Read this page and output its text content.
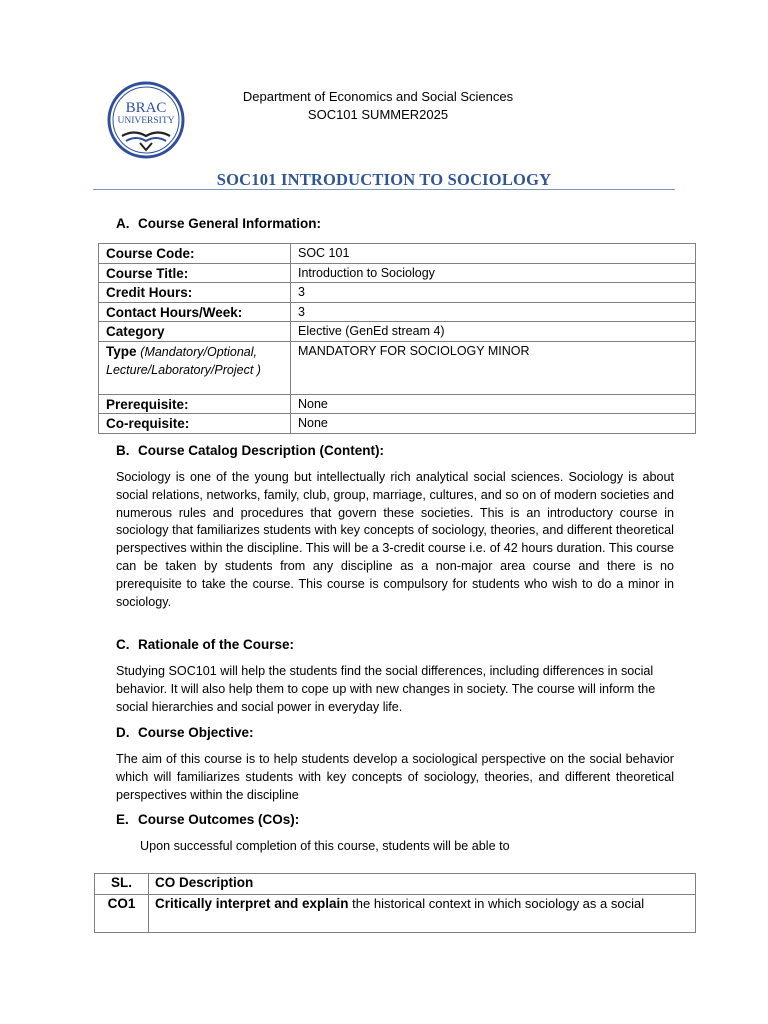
BRAC
UNIVERSITY
Department of Economics and Social Sciences
SOC101 SUMMER2025
SOC101 INTRODUCTION TO SOCIOLOGY
A. Course General Information:
Course Code:	SOC 101
Course Title:	Introduction to Sociology
Credit Hours:	3
Contact Hours/Week:	3
Category	Elective (GenEd stream 4)
Type (Mandatory/Optional, Lecture/Laboratory/Project )	MANDATORY FOR SOCIOLOGY MINOR
Prerequisite:	None
Co-requisite:	None
B. Course Catalog Description (Content):
Sociology is one of the young but intellectually rich analytical social sciences. Sociology is about social relations, networks, family, club, group, marriage, cultures, and so on of modern societies and numerous rules and procedures that govern these societies. This is an introductory course in sociology that familiarizes students with key concepts of sociology, theories, and different theoretical perspectives within the discipline. This will be a 3-credit course i.e. of 42 hours duration. This course can be taken by students from any discipline as a non-major area course and there is no prerequisite to take the course. This course is compulsory for students who wish to do a minor in sociology.
C. Rationale of the Course:
Studying SOC101 will help the students find the social differences, including differences in social behavior. It will also help them to cope up with new changes in society. The course will inform the social hierarchies and social power in everyday life.
D. Course Objective:
The aim of this course is to help students develop a sociological perspective on the social behavior which will familiarizes students with key concepts of sociology, theories, and different theoretical perspectives within the discipline
E. Course Outcomes (COs):
Upon successful completion of this course, students will be able to
SL.	CO Description
CO1	Critically interpret and explain the historical context in which sociology as a social
